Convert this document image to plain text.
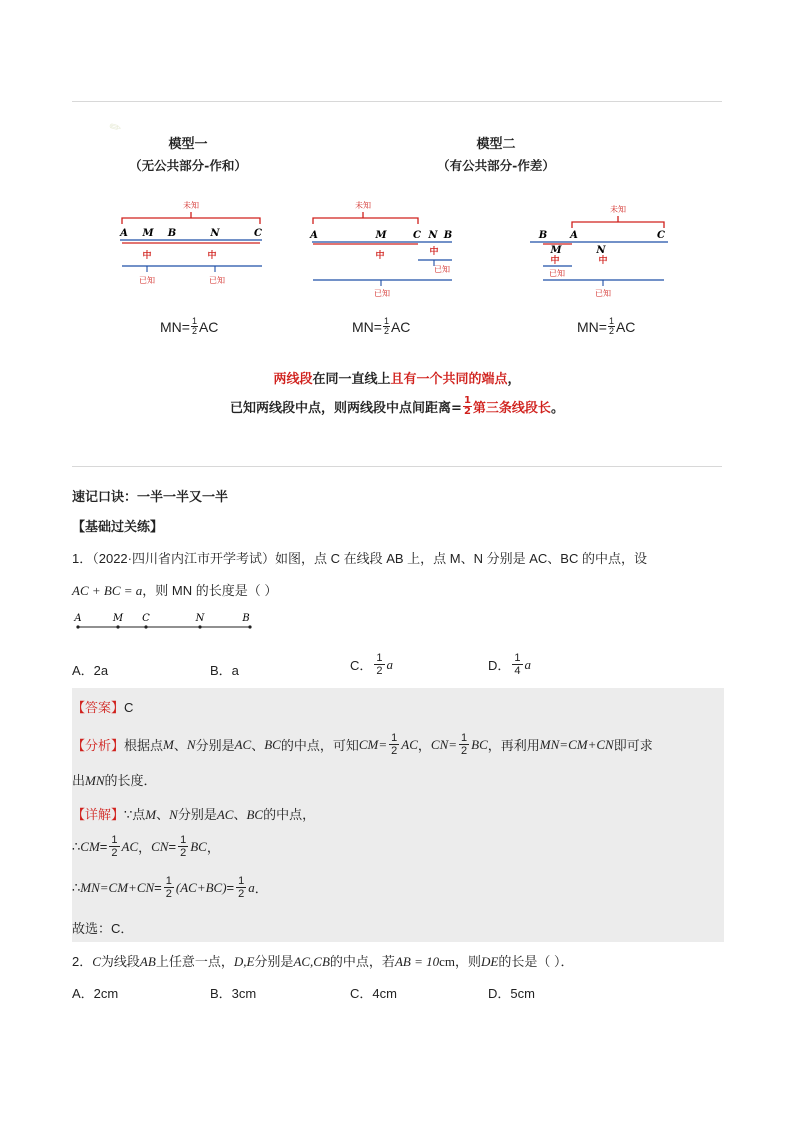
✎
模型一
（无公共部分-作和）
模型二
（有公共部分-作差）
未知
A M B	N	C
中	中
已知	已知
未知
A	M	C N B
中	中
已知
已知
未知
B
M
A
N
C
中	中
已知
已知
$MN= \frac{1}{2}$ AC	$MN= \frac{1}{2}$ AC	$MN= \frac{1}{2}$ AC
两线段在同一直线上且有一个共同的端点，
已知两线段中点，则两线段中点间距离= $\frac{1}{2}$ 第三条线段长 。
速记口诀：一半一半又一半
【基础过关练】
1．（2022·四川省内江市开学考试）如图，点 C 在线段 AB 上，点 M、N 分别是 AC、BC 的中点，设
AC + BC = a，则 MN 的长度是（ ）
A	M C	N	B
A．2a	B．a	C． 1
2 a	D． 1
4 a
【答案】C
【分析】 根据点 M 、 N 分别是 AC 、 BC 的中点，可知 $CM= \frac{1}{2}$ AC ， $CN= \frac{1}{2}$ BC ，再利用 MN=CM+CN 即可求
出MN的长度．
【详解】∵点M、N分别是AC、BC的中点，
∴ CM = $\frac{1}{2}$ AC ， CN = $\frac{1}{2}$ BC ，
∴ $MN=CM+CN = \frac{1}{2} (AC+BC) = \frac{1}{2}$ a ．
故选：C．
2．C为线段AB上任意一点，D,E分别是AC,CB的中点，若AB = 10cm，则DE的长是（ ）．
A．2cm	B．3cm	C．4cm	D．5cm
